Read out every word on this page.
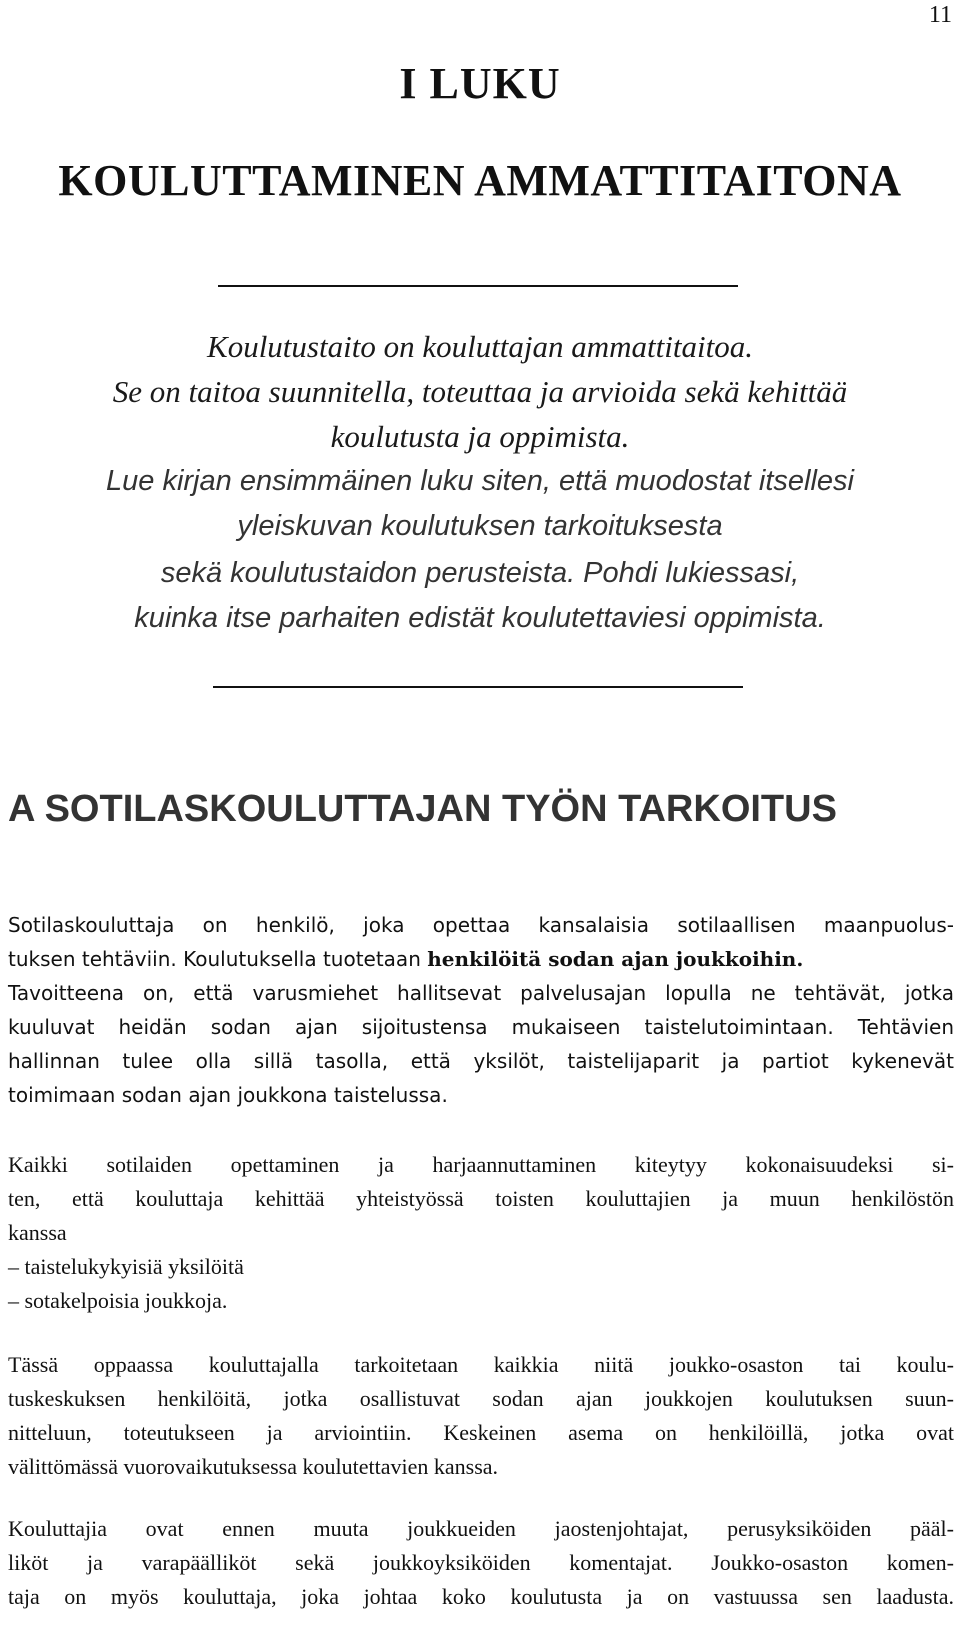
11
I LUKU
KOULUTTAMINEN AMMATTITAITONA
Koulutustaito on kouluttajan ammattitaitoa.
Se on taitoa suunnitella, toteuttaa ja arvioida sekä kehittää
koulutusta ja oppimista.
Lue kirjan ensimmäinen luku siten, että muodostat itsellesi
yleiskuvan koulutuksen tarkoituksesta
sekä koulutustaidon perusteista. Pohdi lukiessasi,
kuinka itse parhaiten edistät koulutettaviesi oppimista.
A SOTILASKOULUTTAJAN TYÖN TARKOITUS
Sotilaskouluttaja on henkilö, joka opettaa kansalaisia sotilaallisen maanpuolus-
tuksen tehtäviin. Koulutuksella tuotetaan henkilöitä sodan ajan joukkoihin.
Tavoitteena on, että varusmiehet hallitsevat palvelusajan lopulla ne tehtävät, jotka
kuuluvat heidän sodan ajan sijoitustensa mukaiseen taistelutoimintaan. Tehtävien
hallinnan tulee olla sillä tasolla, että yksilöt, taistelijaparit ja partiot kykenevät
toimimaan sodan ajan joukkona taistelussa.
Kaikki sotilaiden opettaminen ja harjaannuttaminen kiteytyy kokonaisuudeksi si-
ten, että kouluttaja kehittää yhteistyössä toisten kouluttajien ja muun henkilöstön
kanssa
– taistelukykyisiä yksilöitä
– sotakelpoisia joukkoja.
Tässä oppaassa kouluttajalla tarkoitetaan kaikkia niitä joukko-osaston tai koulu-
tuskeskuksen henkilöitä, jotka osallistuvat sodan ajan joukkojen koulutuksen suun-
nitteluun, toteutukseen ja arviointiin. Keskeinen asema on henkilöillä, jotka ovat
välittömässä vuorovaikutuksessa koulutettavien kanssa.
Kouluttajia ovat ennen muuta joukkueiden jaostenjohtajat, perusyksiköiden pääl-
liköt ja varapäälliköt sekä joukkoyksiköiden komentajat. Joukko-osaston komen-
taja on myös kouluttaja, joka johtaa koko koulutusta ja on vastuussa sen laadusta.
